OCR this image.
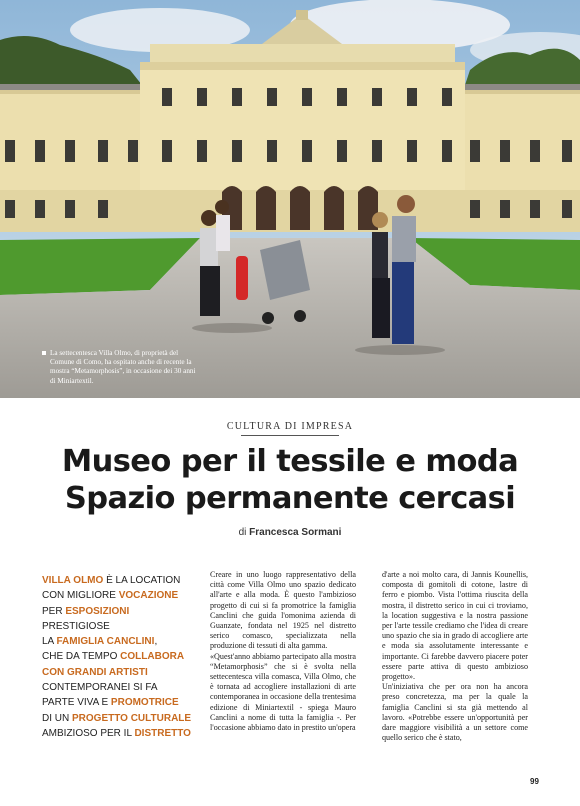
La settecentesca Villa Olmo, di proprietà del Comune di Como, ha ospitato anche di recente la mostra “Metamorphosis”, in occasione dei 30 anni di Miniartextil.
CULTURA DI IMPRESA
Museo per il tessile e moda
Spazio permanente cercasi
di Francesca Sormani
VILLA OLMO È LA LOCATION
CON MIGLIORE VOCAZIONE
PER ESPOSIZIONI
PRESTIGIOSE
LA FAMIGLIA CANCLINI,
CHE DA TEMPO COLLABORA
CON GRANDI ARTISTI
CONTEMPORANEI SI FA
PARTE VIVA E PROMOTRICE
DI UN PROGETTO CULTURALE
AMBIZIOSO PER IL DISTRETTO

Creare in uno luogo rappresentativo della città come Villa Olmo uno spazio dedicato all'arte e alla moda. È questo l'ambizioso progetto di cui si fa promotrice la famiglia Canclini che guida l'omonima azienda di Guanzate, fondata nel 1925 nel distretto serico comasco, specializzata nella produzione di tessuti di alta gamma.

«Quest'anno abbiamo partecipato alla mostra “Metamorphosis” che si è svolta nella settecentesca villa comasca, Villa Olmo, che è tornata ad accogliere installazioni di arte contemporanea in occasione della trentesima edizione di Miniartextil - spiega Mauro Canclini a nome di tutta la famiglia -. Per l'occasione abbiamo dato in prestito un'opera

d'arte a noi molto cara, di Jannis Kounellis, composta di gomitoli di cotone, lastre di ferro e piombo. Vista l'ottima riuscita della mostra, il distretto serico in cui ci troviamo, la location suggestiva e la nostra passione per l'arte tessile crediamo che l'idea di creare uno spazio che sia in grado di accogliere arte e moda sia assolutamente interessante e importante. Ci farebbe davvero piacere poter essere parte attiva di questo ambizioso progetto».

Un'iniziativa che per ora non ha ancora preso concretezza, ma per la quale la famiglia Canclini si sta già mettendo al lavoro. «Potrebbe essere un'opportunità per dare maggiore visibilità a un settore come quello serico che è stato,

99
